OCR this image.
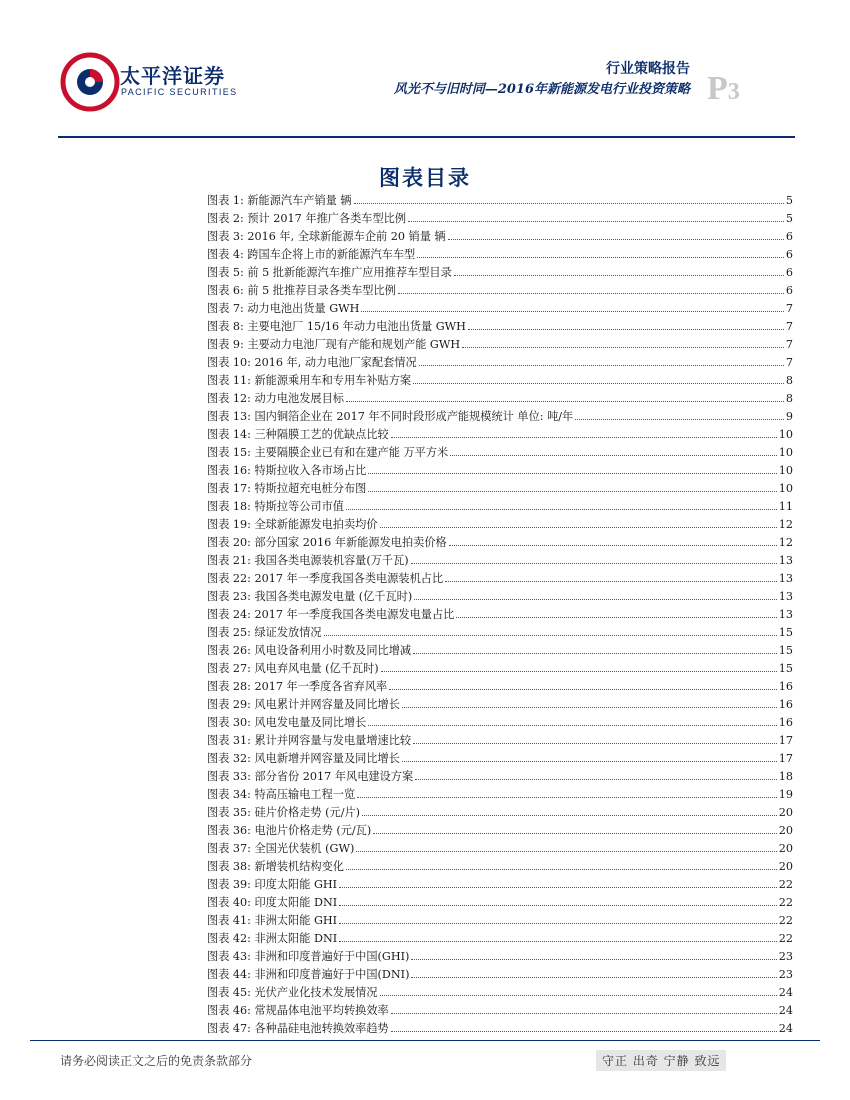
太平洋证券
PACIFIC SECURITIES
行业策略报告
风光不与旧时同—2016年新能源发电行业投资策略 P3
图表目录
图表 1: 新能源汽车产销量 辆	5
图表 2: 预计 2017 年推广各类车型比例	5
图表 3: 2016 年, 全球新能源车企前 20 销量 辆	6
图表 4: 跨国车企将上市的新能源汽车车型	6
图表 5: 前 5 批新能源汽车推广应用推荐车型目录	6
图表 6: 前 5 批推荐目录各类车型比例	6
图表 7: 动力电池出货量 GWH	7
图表 8: 主要电池厂 15/16 年动力电池出货量 GWH	7
图表 9: 主要动力电池厂现有产能和规划产能 GWH	7
图表 10: 2016 年, 动力电池厂家配套情况	7
图表 11: 新能源乘用车和专用车补贴方案	8
图表 12: 动力电池发展目标	8
图表 13: 国内铜箔企业在 2017 年不同时段形成产能规模统计 单位: 吨/年	9
图表 14: 三种隔膜工艺的优缺点比较	10
图表 15: 主要隔膜企业已有和在建产能 万平方米	10
图表 16: 特斯拉收入各市场占比	10
图表 17: 特斯拉超充电桩分布图	10
图表 18: 特斯拉等公司市值	11
图表 19: 全球新能源发电拍卖均价	12
图表 20: 部分国家 2016 年新能源发电拍卖价格	12
图表 21: 我国各类电源装机容量(万千瓦)	13
图表 22: 2017 年一季度我国各类电源装机占比	13
图表 23: 我国各类电源发电量 (亿千瓦时)	13
图表 24: 2017 年一季度我国各类电源发电量占比	13
图表 25: 绿证发放情况	15
图表 26: 风电设备利用小时数及同比增减	15
图表 27: 风电弃风电量 (亿千瓦时)	15
图表 28: 2017 年一季度各省弃风率	16
图表 29: 风电累计并网容量及同比增长	16
图表 30: 风电发电量及同比增长	16
图表 31: 累计并网容量与发电量增速比较	17
图表 32: 风电新增并网容量及同比增长	17
图表 33: 部分省份 2017 年风电建设方案	18
图表 34: 特高压输电工程一览	19
图表 35: 硅片价格走势 (元/片)	20
图表 36: 电池片价格走势 (元/瓦)	20
图表 37: 全国光伏装机 (GW)	20
图表 38: 新增装机结构变化	20
图表 39: 印度太阳能 GHI	22
图表 40: 印度太阳能 DNI	22
图表 41: 非洲太阳能 GHI	22
图表 42: 非洲太阳能 DNI	22
图表 43: 非洲和印度普遍好于中国(GHI)	23
图表 44: 非洲和印度普遍好于中国(DNI)	23
图表 45: 光伏产业化技术发展情况	24
图表 46: 常规晶体电池平均转换效率	24
图表 47: 各种晶硅电池转换效率趋势	24
请务必阅读正文之后的免责条款部分	守正 出奇 宁静 致远
